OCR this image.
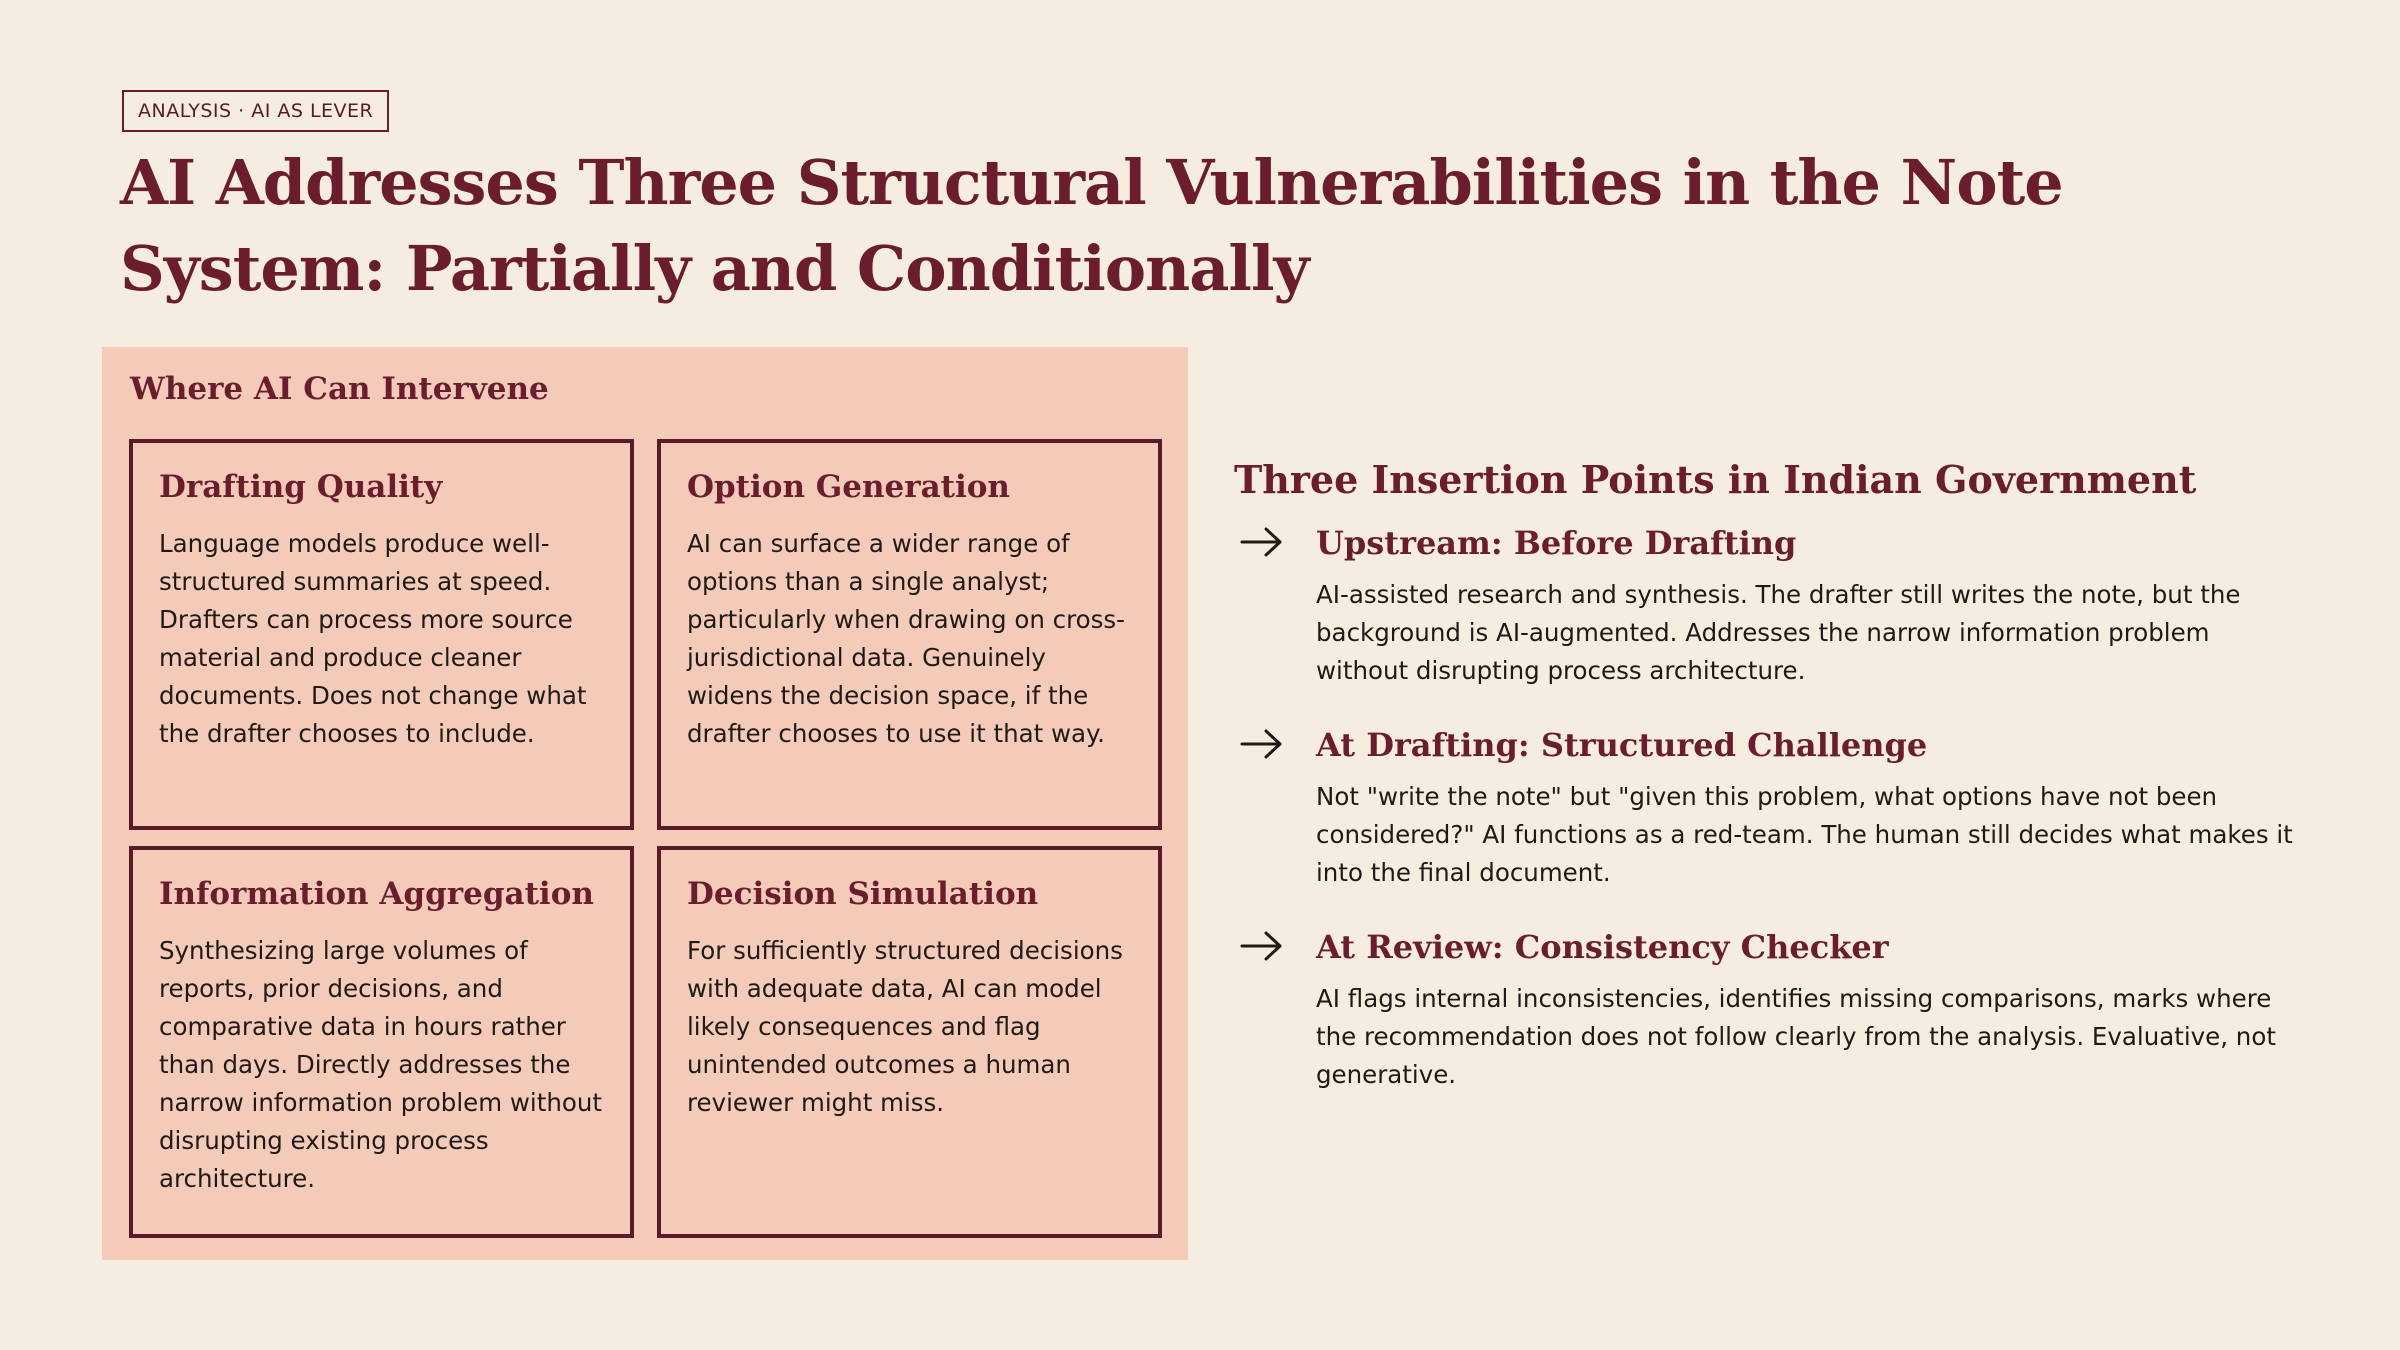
ANALYSIS · AI AS LEVER
AI Addresses Three Structural Vulnerabilities in the Note System: Partially and Conditionally
Where AI Can Intervene
Drafting Quality

Language models produce well-structured summaries at speed. Drafters can process more source material and produce cleaner documents. Does not change what the drafter chooses to include.

Option Generation

AI can surface a wider range of options than a single analyst; particularly when drawing on cross-jurisdictional data. Genuinely widens the decision space, if the drafter chooses to use it that way.

Information Aggregation

Synthesizing large volumes of reports, prior decisions, and comparative data in hours rather than days. Directly addresses the narrow information problem without disrupting existing process architecture.

Decision Simulation

For sufficiently structured decisions with adequate data, AI can model likely consequences and flag unintended outcomes a human reviewer might miss.

Three Insertion Points in Indian Government
Upstream: Before Drafting

AI-assisted research and synthesis. The drafter still writes the note, but the background is AI-augmented. Addresses the narrow information problem without disrupting process architecture.

At Drafting: Structured Challenge

Not "write the note" but "given this problem, what options have not been considered?" AI functions as a red-team. The human still decides what makes it into the final document.

At Review: Consistency Checker

AI flags internal inconsistencies, identifies missing comparisons, marks where the recommendation does not follow clearly from the analysis. Evaluative, not generative.
